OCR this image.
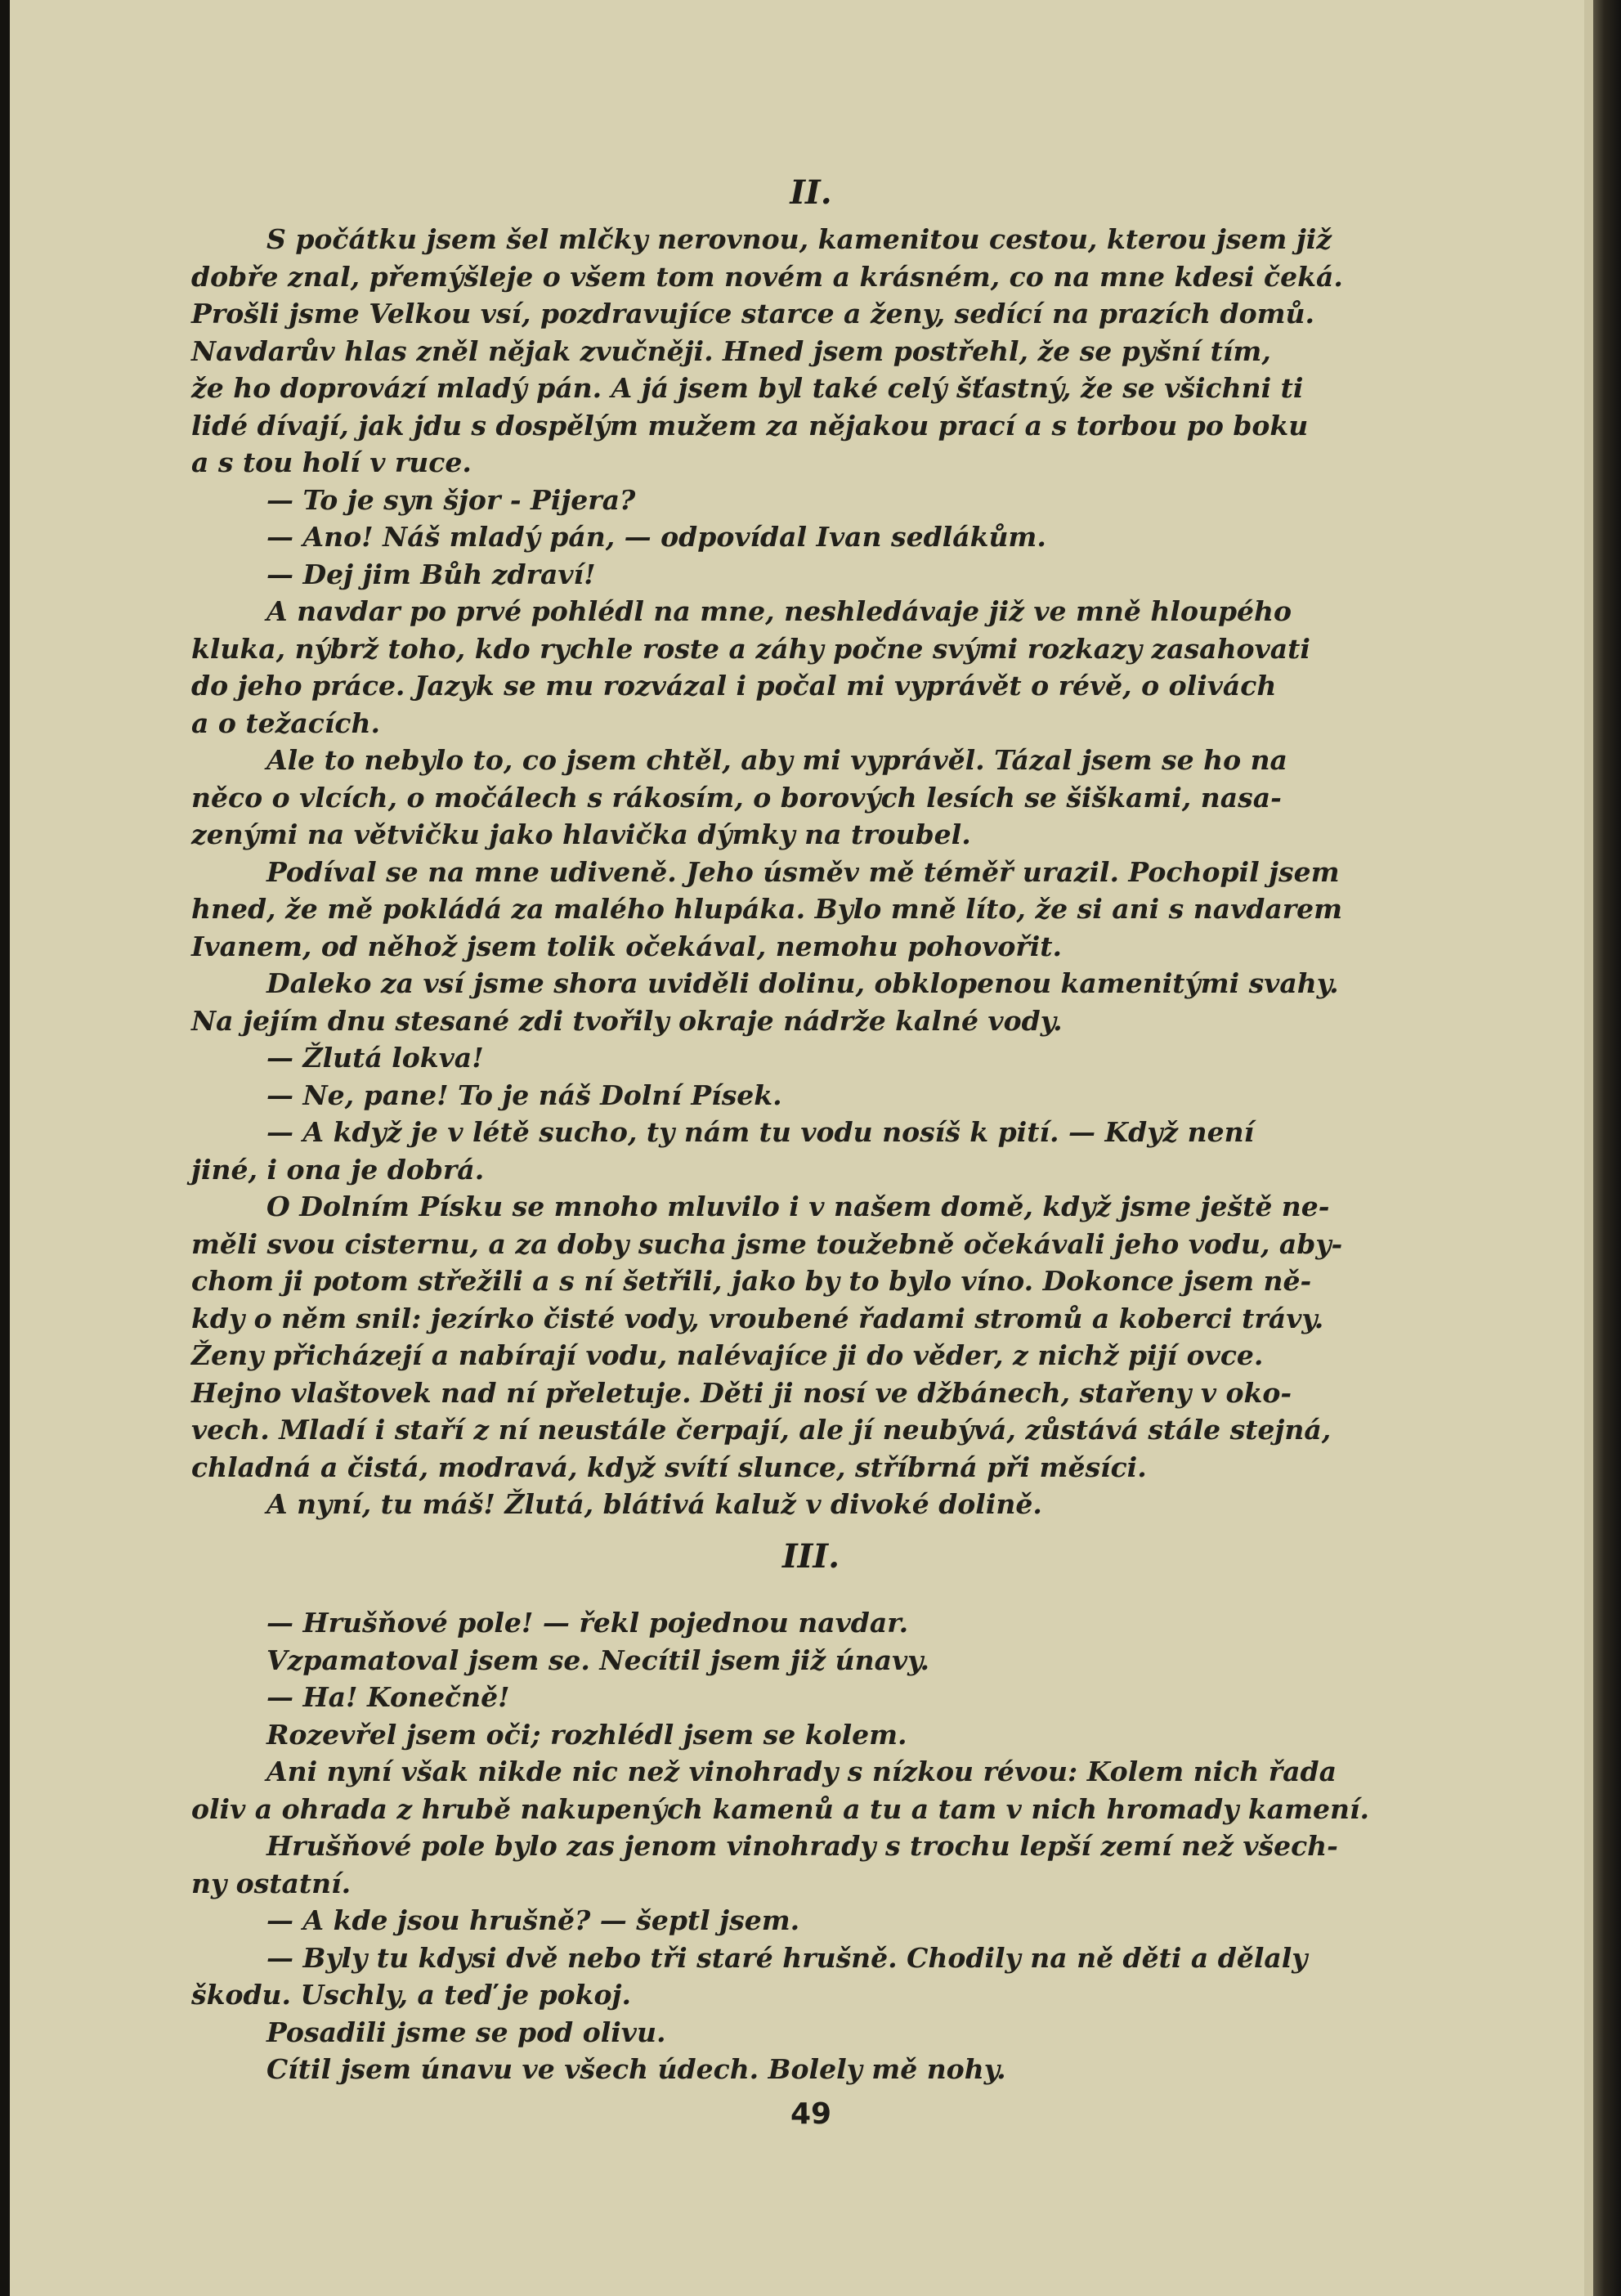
II.
S počátku jsem šel mlčky nerovnou, kamenitou cestou, kterou jsem již
dobře znal, přemýšleje o všem tom novém a krásném, co na mne kdesi čeká.
Prošli jsme Velkou vsí, pozdravujíce starce a ženy, sedící na prazích domů.
Navdarův hlas zněl nějak zvučněji. Hned jsem postřehl, že se pyšní tím,
že ho doprovází mladý pán. A já jsem byl také celý šťastný, že se všichni ti
lidé dívají, jak jdu s dospělým mužem za nějakou prací a s torbou po boku
a s tou holí v ruce.
— To je syn šjor - Pijera?
— Ano! Náš mladý pán, — odpovídal Ivan sedlákům.
— Dej jim Bůh zdraví!
A navdar po prvé pohlédl na mne, neshledávaje již ve mně hloupého
kluka, nýbrž toho, kdo rychle roste a záhy počne svými rozkazy zasahovati
do jeho práce. Jazyk se mu rozvázal i počal mi vyprávět o révě, o olivách
a o težacích.
Ale to nebylo to, co jsem chtěl, aby mi vyprávěl. Tázal jsem se ho na
něco o vlcích, o močálech s rákosím, o borových lesích se šiškami, nasa-
zenými na větvičku jako hlavička dýmky na troubel.
Podíval se na mne udiveně. Jeho úsměv mě téměř urazil. Pochopil jsem
hned, že mě pokládá za malého hlupáka. Bylo mně líto, že si ani s navdarem
Ivanem, od něhož jsem tolik očekával, nemohu pohovořit.
Daleko za vsí jsme shora uviděli dolinu, obklopenou kamenitými svahy.
Na jejím dnu stesané zdi tvořily okraje nádrže kalné vody.
— Žlutá lokva!
— Ne, pane! To je náš Dolní Písek.
— A když je v létě sucho, ty nám tu vodu nosíš k pití. — Když není
jiné, i ona je dobrá.
O Dolním Písku se mnoho mluvilo i v našem domě, když jsme ještě ne-
měli svou cisternu, a za doby sucha jsme toužebně očekávali jeho vodu, aby-
chom ji potom střežili a s ní šetřili, jako by to bylo víno. Dokonce jsem ně-
kdy o něm snil: jezírko čisté vody, vroubené řadami stromů a koberci trávy.
Ženy přicházejí a nabírají vodu, nalévajíce ji do věder, z nichž pijí ovce.
Hejno vlaštovek nad ní přeletuje. Děti ji nosí ve džbánech, stařeny v oko-
vech. Mladí i staří z ní neustále čerpají, ale jí neubývá, zůstává stále stejná,
chladná a čistá, modravá, když svítí slunce, stříbrná při měsíci.
A nyní, tu máš! Žlutá, blátivá kaluž v divoké dolině.
III.
— Hrušňové pole! — řekl pojednou navdar.
Vzpamatoval jsem se. Necítil jsem již únavy.
— Ha! Konečně!
Rozevřel jsem oči; rozhlédl jsem se kolem.
Ani nyní však nikde nic než vinohrady s nízkou révou: Kolem nich řada
oliv a ohrada z hrubě nakupených kamenů a tu a tam v nich hromady kamení.
Hrušňové pole bylo zas jenom vinohrady s trochu lepší zemí než všech-
ny ostatní.
— A kde jsou hrušně? — šeptl jsem.
— Byly tu kdysi dvě nebo tři staré hrušně. Chodily na ně děti a dělaly
škodu. Uschly, a teď je pokoj.
Posadili jsme se pod olivu.
Cítil jsem únavu ve všech údech. Bolely mě nohy.
49
